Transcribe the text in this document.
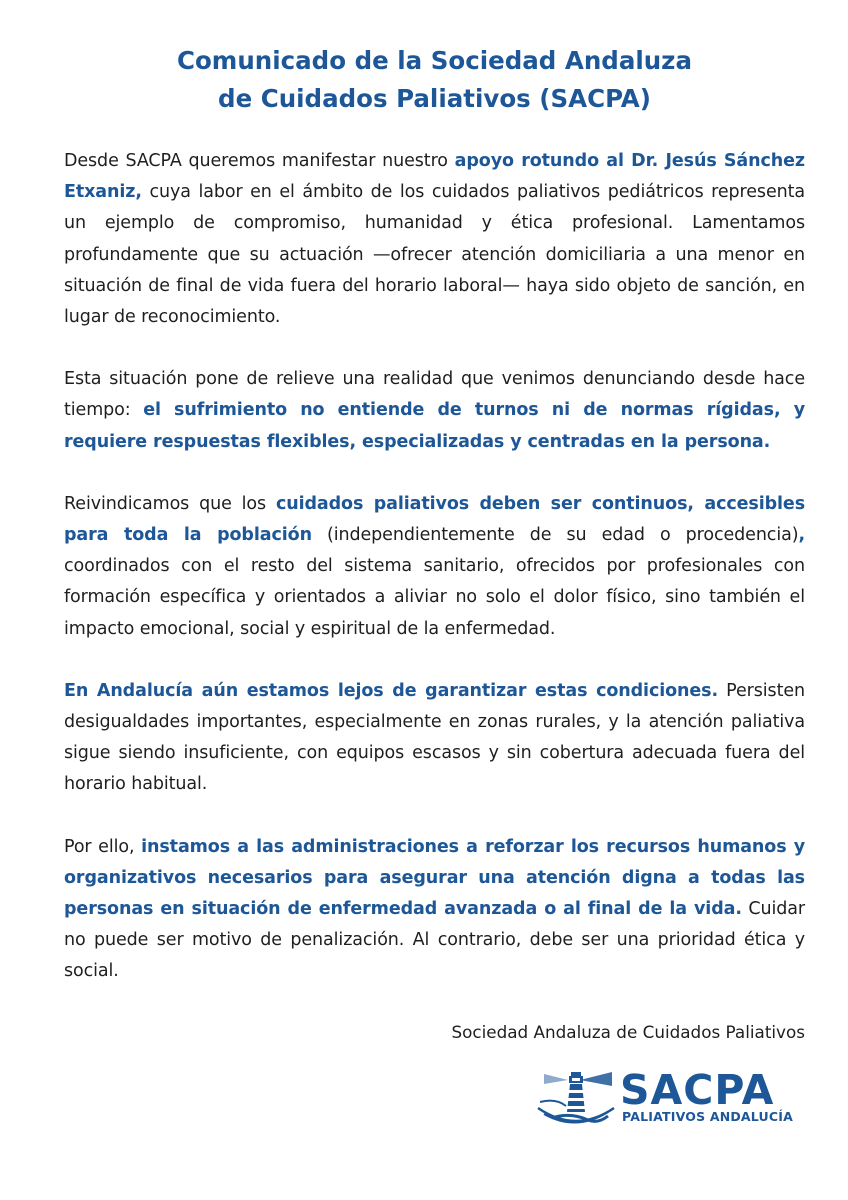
Comunicado de la Sociedad Andaluza
de Cuidados Paliativos (SACPA)

Desde SACPA queremos manifestar nuestro apoyo rotundo al Dr. Jesús Sánchez Etxaniz, cuya labor en el ámbito de los cuidados paliativos pediátricos representa un ejemplo de compromiso, humanidad y ética profesional. Lamentamos profundamente que su actuación —ofrecer atención domiciliaria a una menor en situación de final de vida fuera del horario laboral— haya sido objeto de sanción, en lugar de reconocimiento.

Esta situación pone de relieve una realidad que venimos denunciando desde hace tiempo: el sufrimiento no entiende de turnos ni de normas rígidas, y requiere respuestas flexibles, especializadas y centradas en la persona.

Reivindicamos que los cuidados paliativos deben ser continuos, accesibles para toda la población (independientemente de su edad o procedencia), coordinados con el resto del sistema sanitario, ofrecidos por profesionales con formación específica y orientados a aliviar no solo el dolor físico, sino también el impacto emocional, social y espiritual de la enfermedad.

En Andalucía aún estamos lejos de garantizar estas condiciones. Persisten desigualdades importantes, especialmente en zonas rurales, y la atención paliativa sigue siendo insuficiente, con equipos escasos y sin cobertura adecuada fuera del horario habitual.

Por ello, instamos a las administraciones a reforzar los recursos humanos y organizativos necesarios para asegurar una atención digna a todas las personas en situación de enfermedad avanzada o al final de la vida. Cuidar no puede ser motivo de penalización. Al contrario, debe ser una prioridad ética y social.

Sociedad Andaluza de Cuidados Paliativos
SACPA
PALIATIVOS ANDALUCÍA
